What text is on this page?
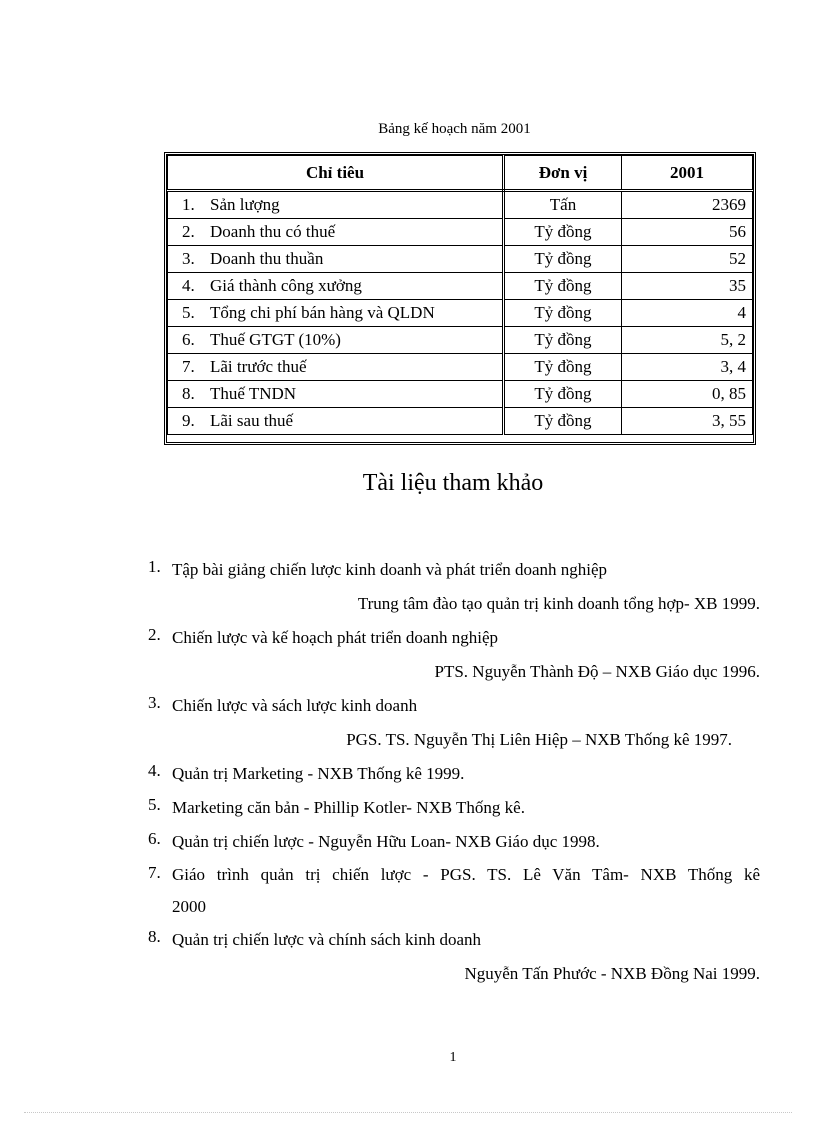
Bảng kế hoạch năm 2001
Chỉ tiêu	Đơn vị	2001
1. Sản lượng	Tấn	2369
2. Doanh thu có thuế	Tỷ đồng	56
3. Doanh thu thuần	Tỷ đồng	52
4. Giá thành công xưởng	Tỷ đồng	35
5. Tổng chi phí bán hàng và QLDN	Tỷ đồng	4
6. Thuế GTGT (10%)	Tỷ đồng	5, 2
7. Lãi trước thuế	Tỷ đồng	3, 4
8. Thuế TNDN	Tỷ đồng	0, 85
9. Lãi sau thuế	Tỷ đồng	3, 55
Tài liệu tham khảo
1. Tập bài giảng chiến lược kinh doanh và phát triển doanh nghiệp
Trung tâm đào tạo quản trị kinh doanh tổng hợp- XB 1999.
2. Chiến lược và kế hoạch phát triển doanh nghiệp
PTS. Nguyễn Thành Độ – NXB Giáo dục 1996.
3. Chiến lược và sách lược kinh doanh
PGS. TS. Nguyễn Thị Liên Hiệp – NXB Thống kê 1997.
4. Quản trị Marketing - NXB Thống kê 1999.
5. Marketing căn bản - Phillip Kotler- NXB Thống kê.
6. Quản trị chiến lược - Nguyễn Hữu Loan- NXB Giáo dục 1998.
7. Giáo trình quản trị chiến lược - PGS. TS. Lê Văn Tâm- NXB Thống kê
2000
8. Quản trị chiến lược và chính sách kinh doanh
Nguyễn Tấn Phước - NXB Đồng Nai 1999.
1
